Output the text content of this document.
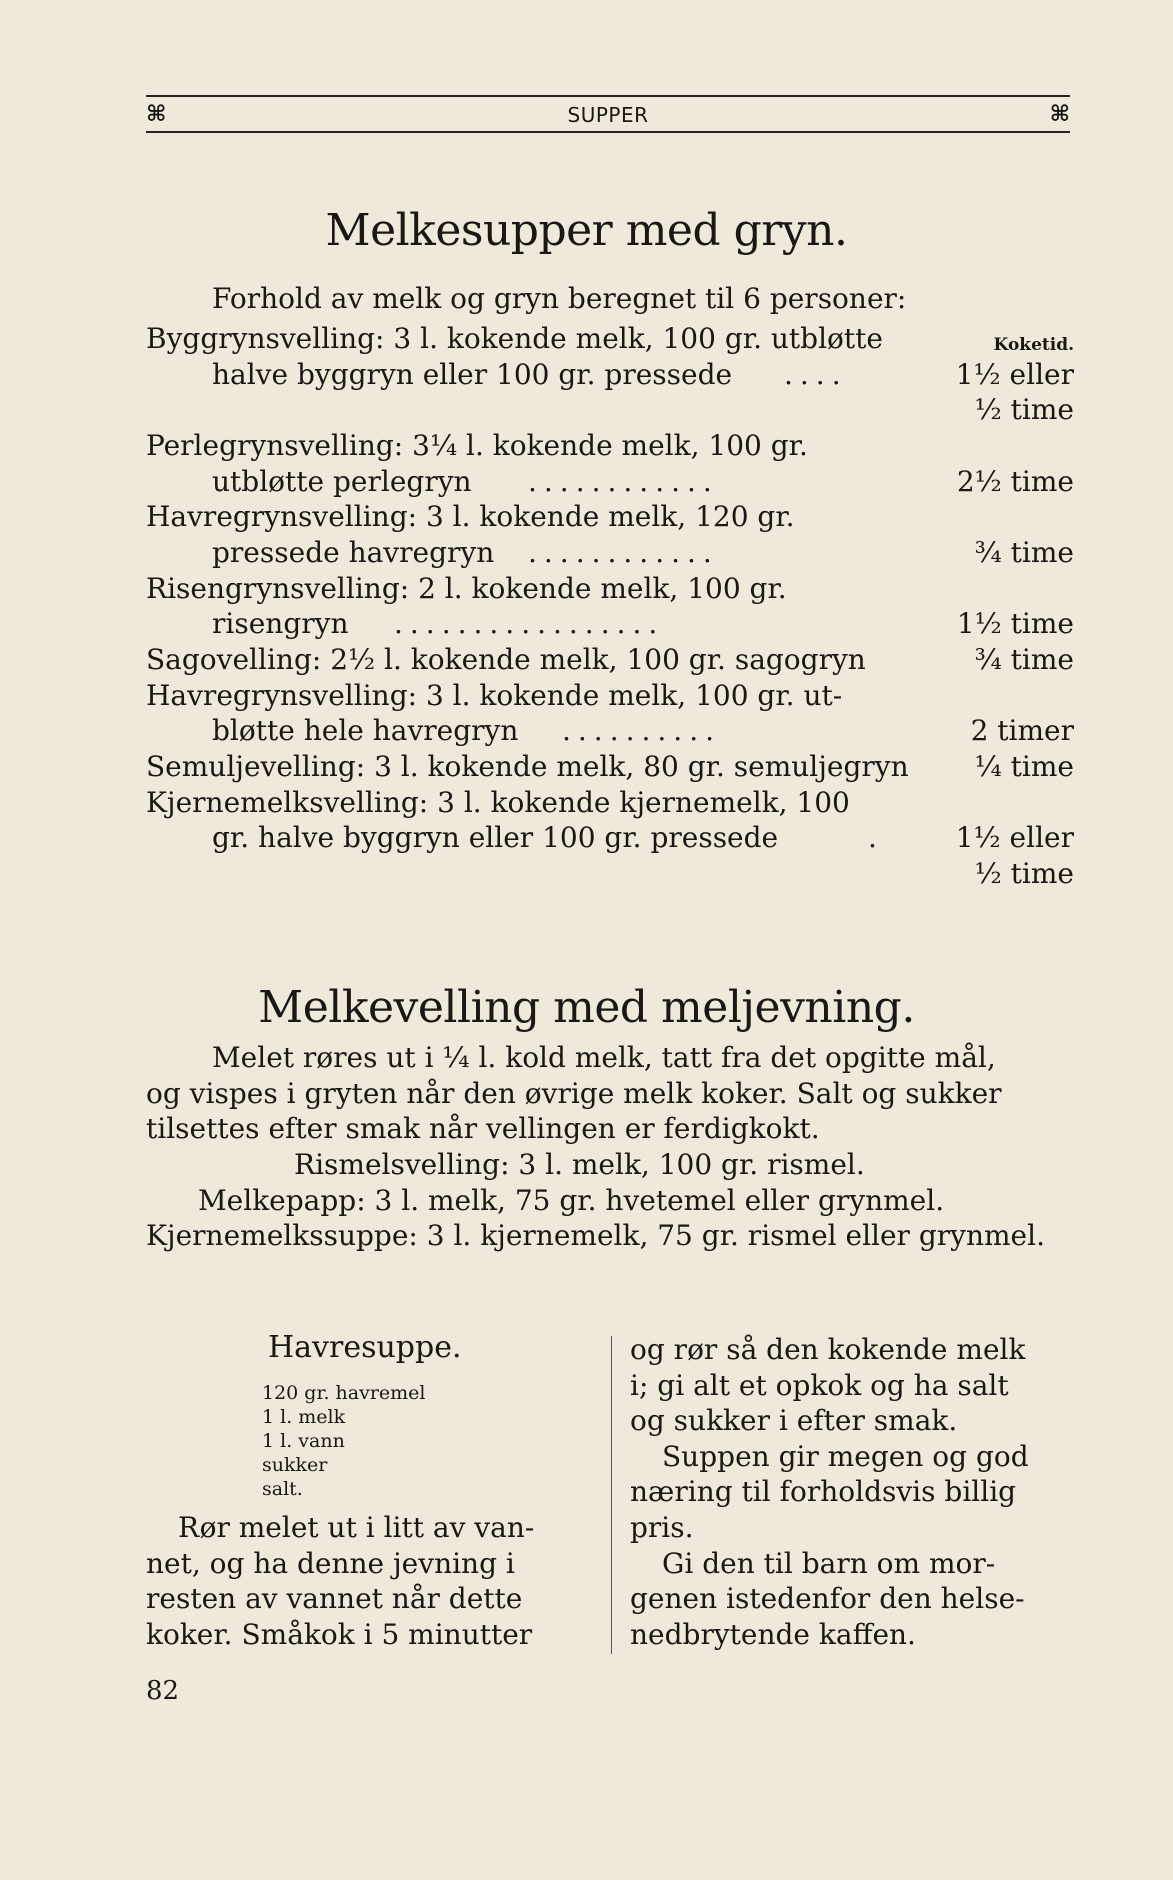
⌘	SUPPER	⌘
Melkesupper med gryn.
Forhold av melk og gryn beregnet til 6 personer:
Byggrynsvelling: 3 l. kokende melk, 100 gr. utbløtte	Koketid.
halve byggryn eller 100 gr. pressede ....	1½ eller
½ time
Perlegrynsvelling: 3¼ l. kokende melk, 100 gr.
utbløtte perlegryn ............	2½ time
Havregrynsvelling: 3 l. kokende melk, 120 gr.
pressede havregryn ............	¾ time
Risengrynsvelling: 2 l. kokende melk, 100 gr.
risengryn .................	1½ time
Sagovelling: 2½ l. kokende melk, 100 gr. sagogryn	¾ time
Havregrynsvelling: 3 l. kokende melk, 100 gr. ut-
bløtte hele havregryn ..........	2 timer
Semuljevelling: 3 l. kokende melk, 80 gr. semuljegryn ¼ time
Kjernemelksvelling: 3 l. kokende kjernemelk, 100
gr. halve byggryn eller 100 gr. pressede	.	1½ eller
½ time
Melkevelling med meljevning.
Melet røres ut i ¼ l. kold melk, tatt fra det opgitte mål,
og vispes i gryten når den øvrige melk koker. Salt og sukker
tilsettes efter smak når vellingen er ferdigkokt.
Rismelsvelling: 3 l. melk, 100 gr. rismel.
Melkepapp: 3 l. melk, 75 gr. hvetemel eller grynmel.
Kjernemelkssuppe: 3 l. kjernemelk, 75 gr. rismel eller grynmel.
Havresuppe.
120 gr. havremel
1 l. melk
1 l. vann
sukker
salt.
Rør melet ut i litt av van-
net, og ha denne jevning i
resten av vannet når dette
koker. Småkok i 5 minutter
og rør så den kokende melk
i; gi alt et opkok og ha salt
og sukker i efter smak.
Suppen gir megen og god
næring til forholdsvis billig
pris.
Gi den til barn om mor-
genen istedenfor den helse-
nedbrytende kaffen.
82
